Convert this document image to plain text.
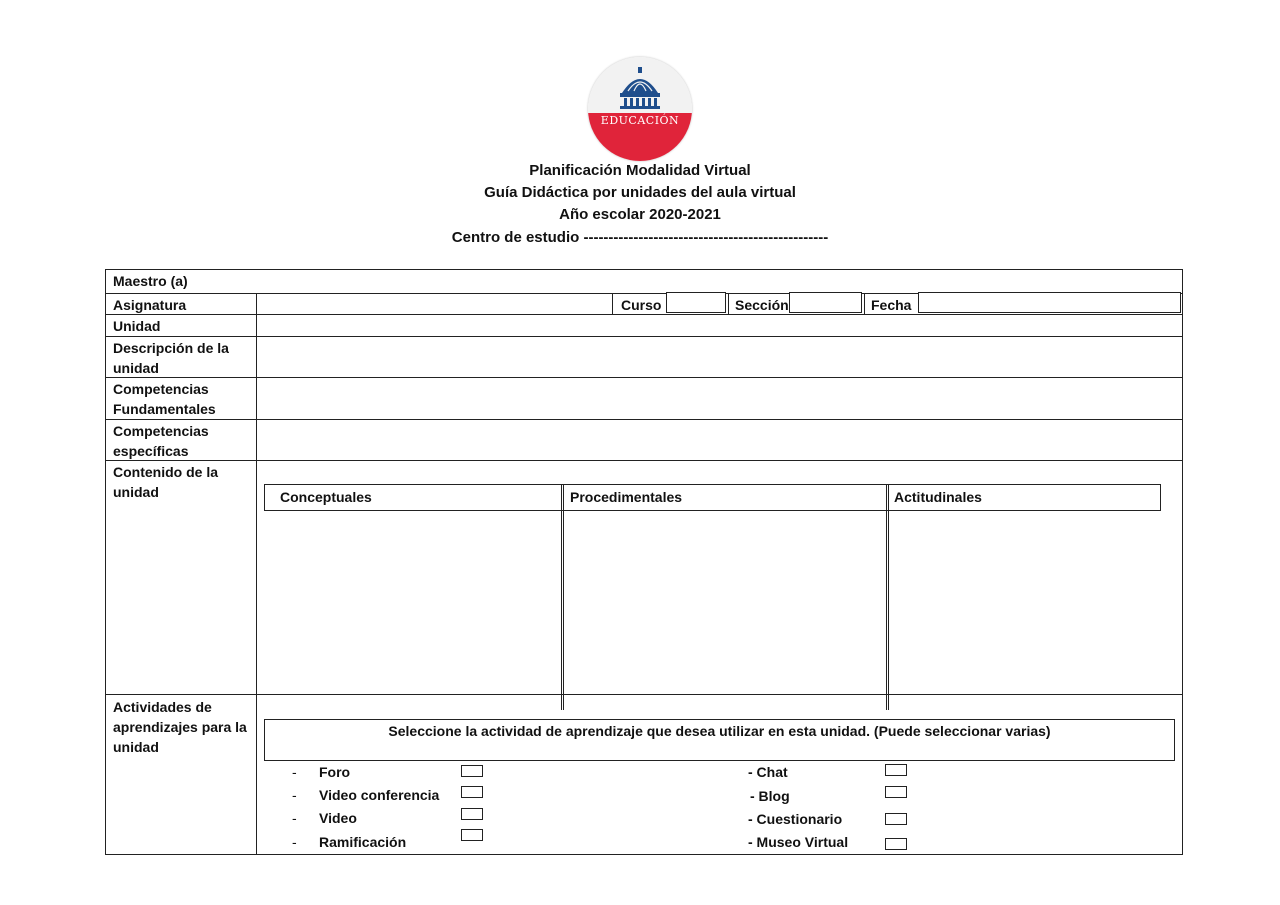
EDUCACIÓN
Planificación Modalidad Virtual
Guía Didáctica por unidades del aula virtual
Año escolar 2020-2021
Centro de estudio -------------------------------------------------
Maestro (a)
Asignatura	Curso	Sección	Fecha
Unidad
Descripción de la unidad
Competencias Fundamentales
Competencias específicas
Contenido de la unidad	Conceptuales	Procedimentales	Actitudinales
Actividades de aprendizajes para la unidad
Seleccione la actividad de aprendizaje que desea utilizar en esta unidad. (Puede seleccionar varias)
- Foro
- Video conferencia
- Video
- Ramificación
- Chat
- Blog
- Cuestionario
- Museo Virtual
